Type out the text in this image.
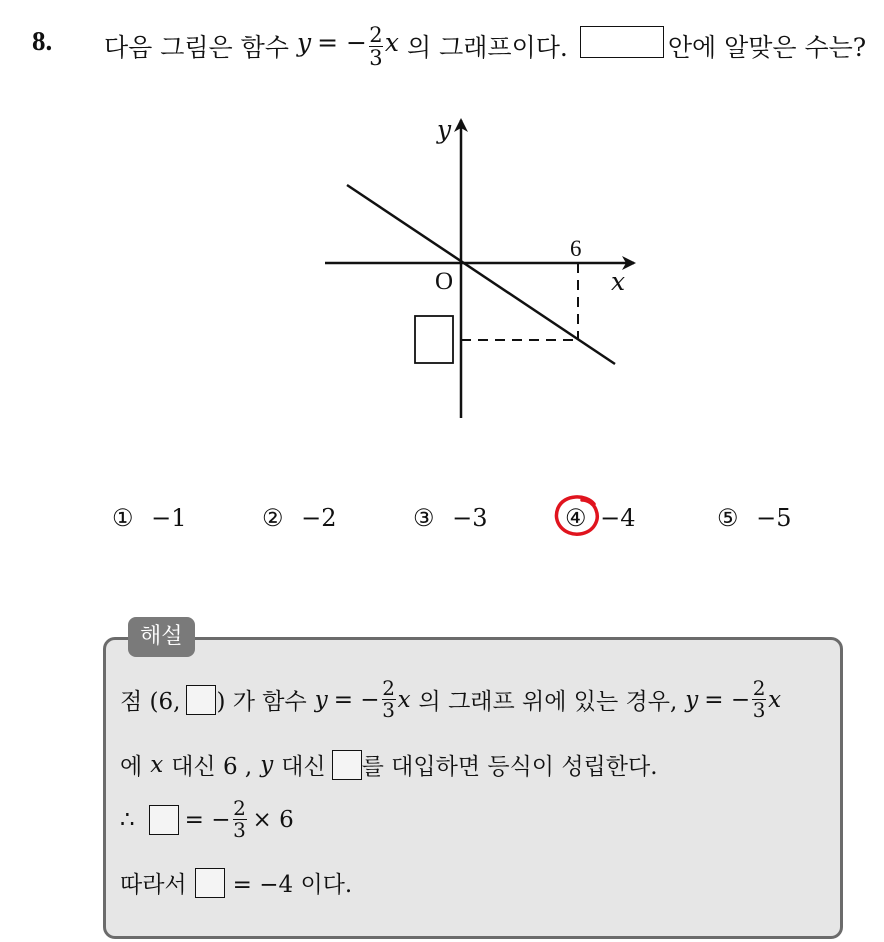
8. 다음 그림은 함수 y = − $\frac{2}{3}$ x 의 그래프이다.	안에 알맞은 수는?
y
x
O
6
① −1	② −2	③ −3	④ −4	⑤ −5
해설
점 (6, ) 가 함수 y = − $\frac{2}{3}$ x 의 그래프 위에 있는 경우, y = − $\frac{2}{3}$ x
에 x 대신 6 , y 대신 를 대입하면 등식이 성립한다.
∴ = − $\frac{2}{3} \times 6$
따라서 = −4 이다.
